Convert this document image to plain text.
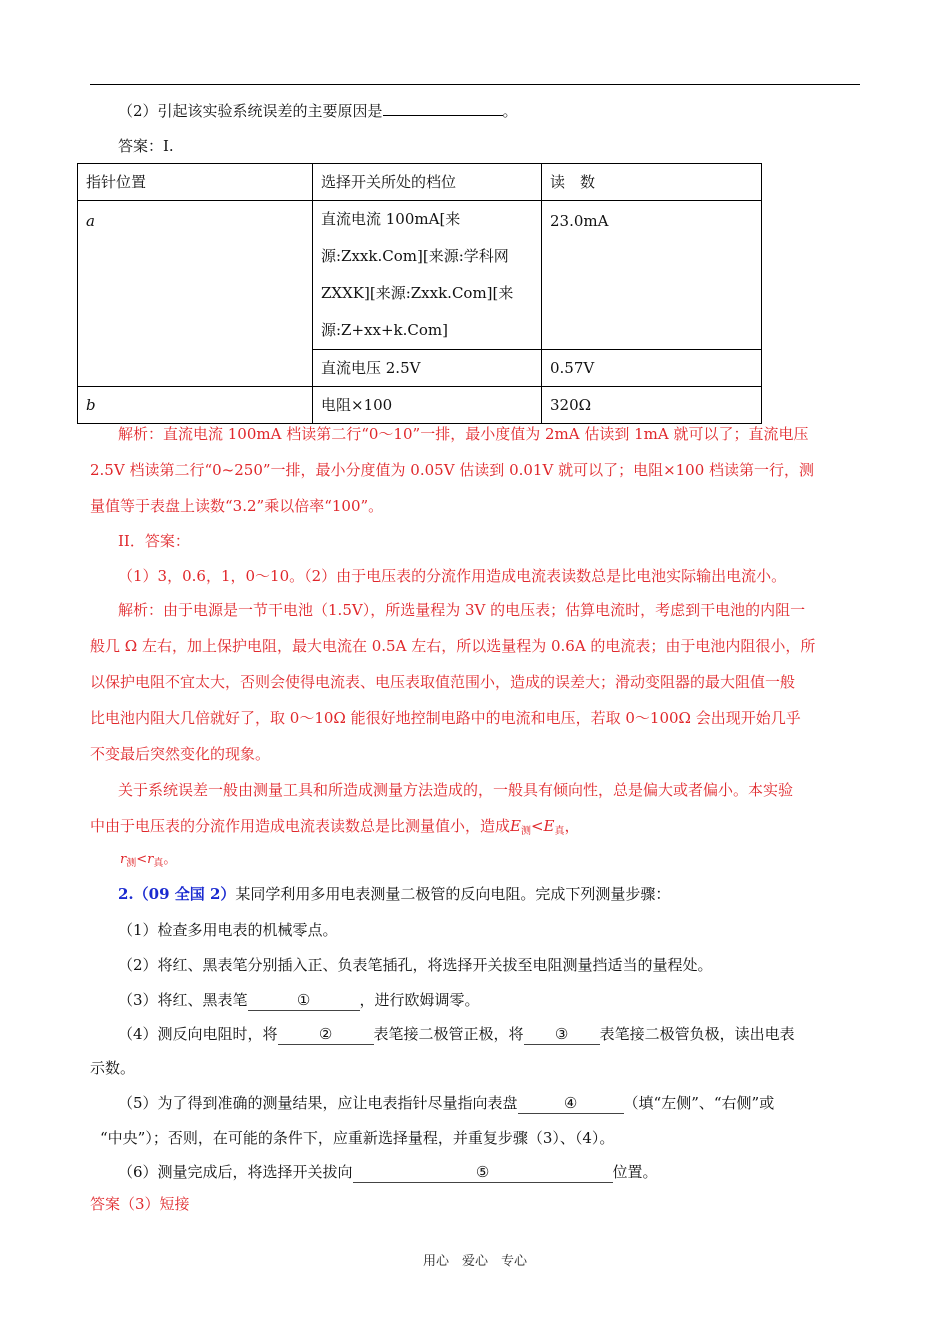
（2）引起该实验系统误差的主要原因是	。
答案：I.
指针位置	选择开关所处的档位	读　数
a	直流电流 100mA[来
源:Zxxk.Com][来源:学科网
ZXXK][来源:Zxxk.Com][来
源:Z+xx+k.Com]	23.0mA
	直流电压 2.5V	0.57V
b	电阻×100	320Ω
解析：直流电流 100mA 档读第二行“0～10”一排，最小度值为 2mA 估读到 1mA 就可以了；直流电压
2.5V 档读第二行“0~250”一排，最小分度值为 0.05V 估读到 0.01V 就可以了；电阻×100 档读第一行，测
量值等于表盘上读数“3.2”乘以倍率“100”。
II．答案：
（1）3，0.6，1，0～10。（2）由于电压表的分流作用造成电流表读数总是比电池实际输出电流小。
解析：由于电源是一节干电池（1.5V），所选量程为 3V 的电压表；估算电流时，考虑到干电池的内阻一
般几 Ω 左右，加上保护电阻，最大电流在 0.5A 左右，所以选量程为 0.6A 的电流表；由于电池内阻很小，所
以保护电阻不宜太大，否则会使得电流表、电压表取值范围小，造成的误差大；滑动变阻器的最大阻值一般
比电池内阻大几倍就好了，取 0～10Ω 能很好地控制电路中的电流和电压，若取 0～100Ω 会出现开始几乎
不变最后突然变化的现象。
关于系统误差一般由测量工具和所造成测量方法造成的，一般具有倾向性，总是偏大或者偏小。本实验
中由于电压表的分流作用造成电流表读数总是比测量值小，造成$E_测<E_真$，
$r_测<r_真$。
2.（09 全国 2）某同学利用多用电表测量二极管的反向电阻。完成下列测量步骤：
（1）检查多用电表的机械零点。
（2）将红、黑表笔分别插入正、负表笔插孔，将选择开关拔至电阻测量挡适当的量程处。
（3）将红、黑表笔	①	，进行欧姆调零。
（4）测反向电阻时，将	②	表笔接二极管正极，将 ③ 表笔接二极管负极，读出电表
示数。
（5）为了得到准确的测量结果，应让电表指针尽量指向表盘	④	（填“左侧”、“右侧”或
“中央”）；否则，在可能的条件下，应重新选择量程，并重复步骤（3）、（4）。
（6）测量完成后，将选择开关拔向	⑤	位置。
答案（3）短接
用心　爱心　专心
